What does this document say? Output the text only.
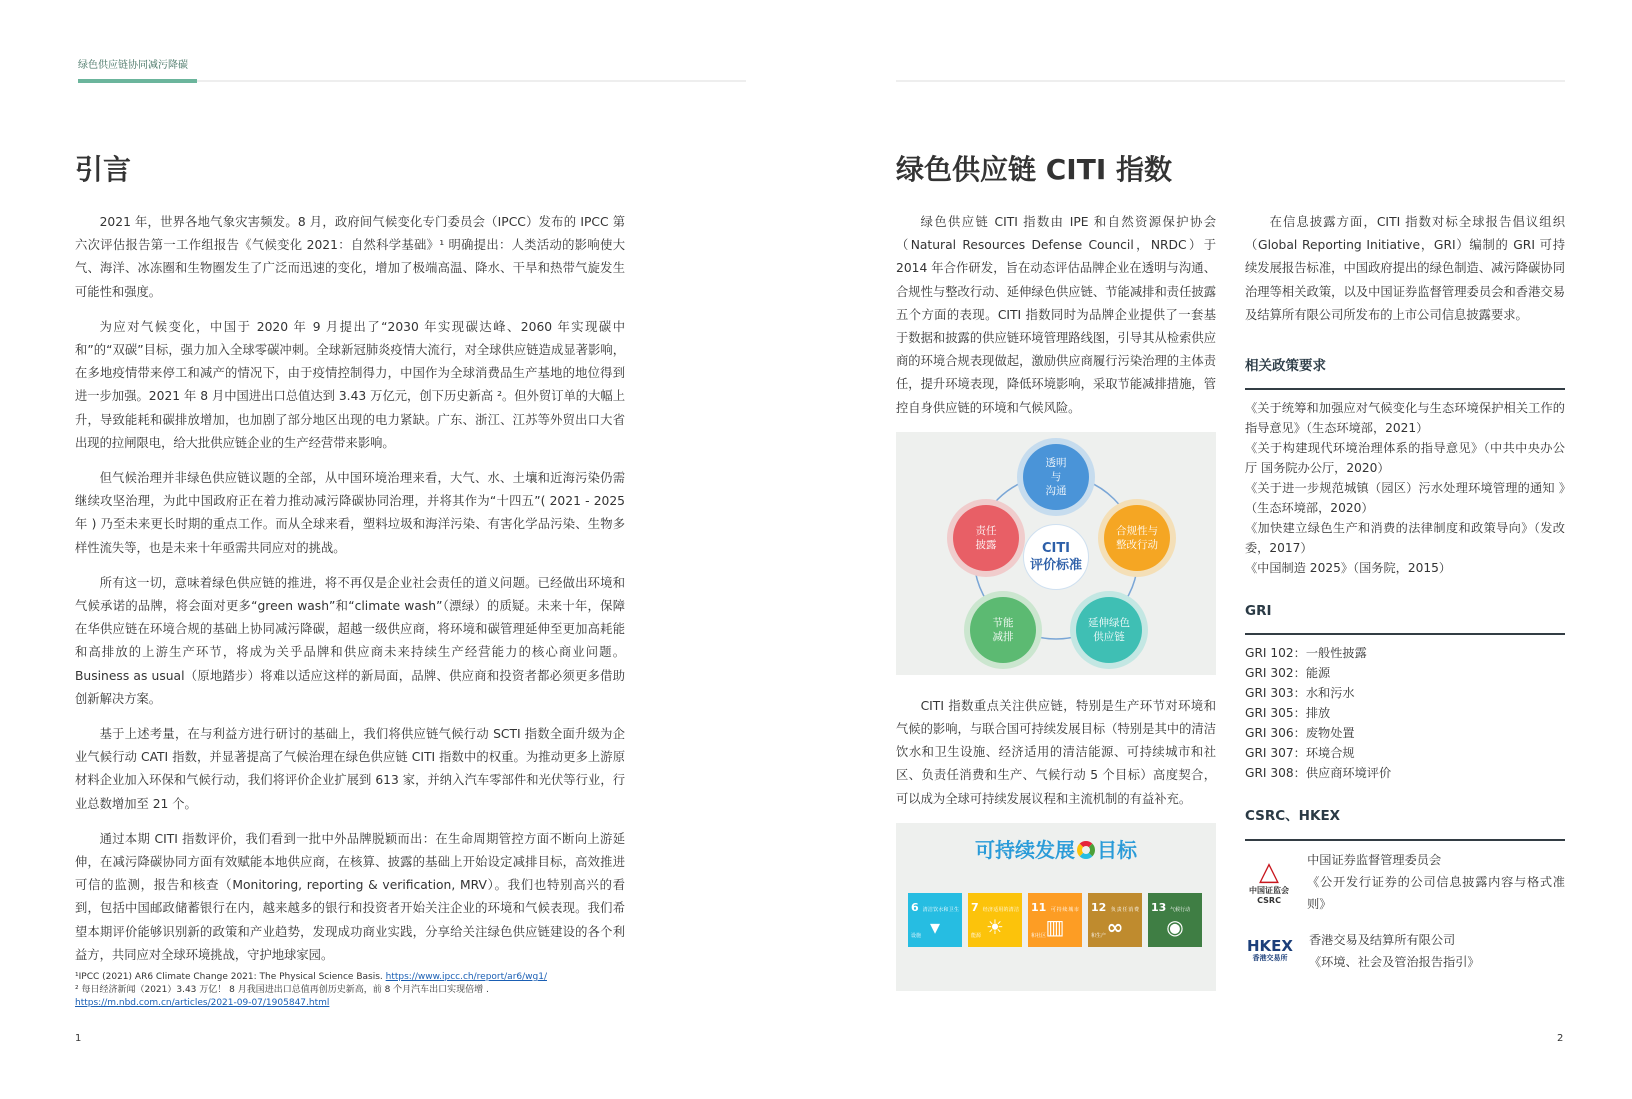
绿色供应链协同减污降碳
引言

2021 年，世界各地气象灾害频发。8 月，政府间气候变化专门委员会（IPCC）发布的 IPCC 第六次评估报告第一工作组报告《气候变化 2021：自然科学基础》¹ 明确提出：人类活动的影响使大气、海洋、冰冻圈和生物圈发生了广泛而迅速的变化，增加了极端高温、降水、干旱和热带气旋发生可能性和强度。

为应对气候变化，中国于 2020 年 9 月提出了“2030 年实现碳达峰、2060 年实现碳中和”的“双碳”目标，强力加入全球零碳冲刺。全球新冠肺炎疫情大流行，对全球供应链造成显著影响，在多地疫情带来停工和减产的情况下，由于疫情控制得力，中国作为全球消费品生产基地的地位得到进一步加强。2021 年 8 月中国进出口总值达到 3.43 万亿元，创下历史新高 ²。但外贸订单的大幅上升，导致能耗和碳排放增加，也加剧了部分地区出现的电力紧缺。广东、浙江、江苏等外贸出口大省出现的拉闸限电，给大批供应链企业的生产经营带来影响。

但气候治理并非绿色供应链议题的全部，从中国环境治理来看，大气、水、土壤和近海污染仍需继续攻坚治理，为此中国政府正在着力推动减污降碳协同治理，并将其作为“十四五”( 2021 - 2025 年 ) 乃至未来更长时期的重点工作。而从全球来看，塑料垃圾和海洋污染、有害化学品污染、生物多样性流失等，也是未来十年亟需共同应对的挑战。

所有这一切，意味着绿色供应链的推进，将不再仅是企业社会责任的道义问题。已经做出环境和气候承诺的品牌，将会面对更多“green wash”和“climate wash”（漂绿）的质疑。未来十年，保障在华供应链在环境合规的基础上协同减污降碳，超越一级供应商，将环境和碳管理延伸至更加高耗能和高排放的上游生产环节，将成为关乎品牌和供应商未来持续生产经营能力的核心商业问题。Business as usual（原地踏步）将难以适应这样的新局面，品牌、供应商和投资者都必须更多借助创新解决方案。

基于上述考量，在与利益方进行研讨的基础上，我们将供应链气候行动 SCTI 指数全面升级为企业气候行动 CATI 指数，并显著提高了气候治理在绿色供应链 CITI 指数中的权重。为推动更多上游原材料企业加入环保和气候行动，我们将评价企业扩展到 613 家，并纳入汽车零部件和光伏等行业，行业总数增加至 21 个。

通过本期 CITI 指数评价，我们看到一批中外品牌脱颖而出：在生命周期管控方面不断向上游延伸，在减污降碳协同方面有效赋能本地供应商，在核算、披露的基础上开始设定减排目标，高效推进可信的监测，报告和核查（Monitoring, reporting & verification, MRV）。我们也特别高兴的看到，包括中国邮政储蓄银行在内，越来越多的银行和投资者开始关注企业的环境和气候表现。我们希望本期评价能够识别新的政策和产业趋势，发现成功商业实践，分享给关注绿色供应链建设的各个利益方，共同应对全球环境挑战，守护地球家园。

¹IPCC (2021) AR6 Climate Change 2021: The Physical Science Basis. https://www.ipcc.ch/report/ar6/wg1/
² 每日经济新闻（2021）3.43 万亿！ 8 月我国进出口总值再创历史新高，前 8 个月汽车出口实现倍增 .
https://m.nbd.com.cn/articles/2021-09-07/1905847.html
1
绿色供应链 CITI 指数

绿色供应链 CITI 指数由 IPE 和自然资源保护协会（Natural Resources Defense Council，NRDC）于 2014 年合作研发，旨在动态评估品牌企业在透明与沟通、合规性与整改行动、延伸绿色供应链、节能减排和责任披露五个方面的表现。CITI 指数同时为品牌企业提供了一套基于数据和披露的供应链环境管理路线图，引导其从检索供应商的环境合规表现做起，激励供应商履行污染治理的主体责任，提升环境表现，降低环境影响，采取节能减排措施，管控自身供应链的环境和气候风险。

CITI
评价标准
透明
与
沟通
合规性与
整改行动
延伸绿色
供应链
节能
减排
责任
披露

CITI 指数重点关注供应链，特别是生产环节对环境和气候的影响，与联合国可持续发展目标（特别是其中的清洁饮水和卫生设施、经济适用的清洁能源、可持续城市和社区、负责任消费和生产、气候行动 5 个目标）高度契合，可以成为全球可持续发展议程和主流机制的有益补充。

可持续发展 目标
6 清洁饮水和卫生设施 ▾
7 经济适用的清洁能源 ☀
11 可持续城市和社区 ▥
12 负责任消费和生产 ∞
13 气候行动
◉

在信息披露方面，CITI 指数对标全球报告倡议组织（Global Reporting Initiative，GRI）编制的 GRI 可持续发展报告标准，中国政府提出的绿色制造、减污降碳协同治理等相关政策，以及中国证券监督管理委员会和香港交易及结算所有限公司所发布的上市公司信息披露要求。

相关政策要求
《关于统筹和加强应对气候变化与生态环境保护相关工作的指导意见》（生态环境部，2021）
《关于构建现代环境治理体系的指导意见》（中共中央办公厅 国务院办公厅，2020）
《关于进一步规范城镇（园区）污水处理环境管理的通知 》（生态环境部，2020）
《加快建立绿色生产和消费的法律制度和政策导向》（发改委，2017）
《中国制造 2025》（国务院，2015）
GRI
GRI 102：一般性披露
GRI 302：能源
GRI 303：水和污水
GRI 305：排放
GRI 306：废物处置
GRI 307：环境合规
GRI 308：供应商环境评价
CSRC、HKEX
△
中国证监会
CSRC
中国证券监督管理委员会
《公开发行证券的公司信息披露内容与格式准则》
HKEX
香港交易所
香港交易及结算所有限公司
《环境、社会及管治报告指引》
2
